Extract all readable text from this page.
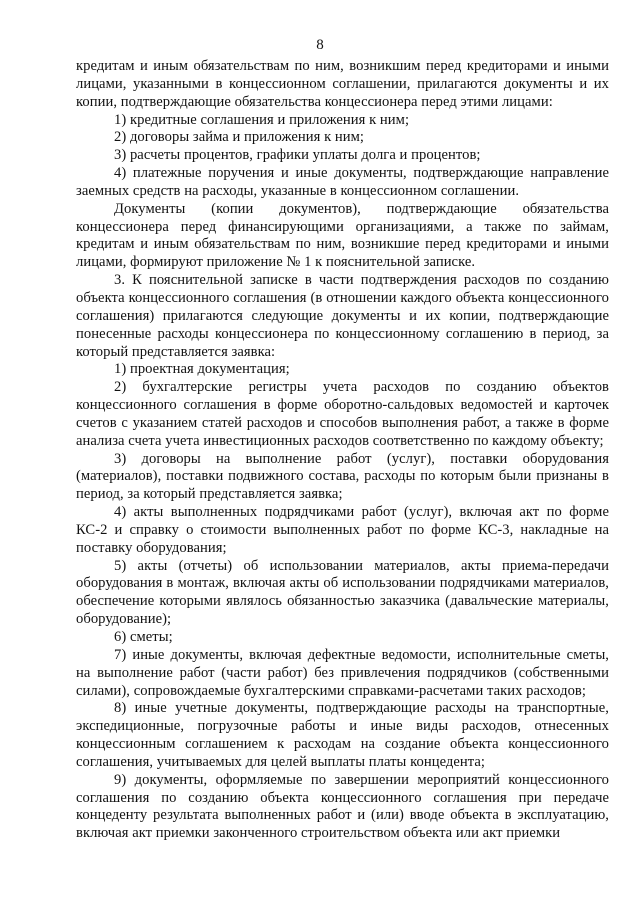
8

кредитам и иным обязательствам по ним, возникшим перед кредиторами и иными лицами, указанными в концессионном соглашении, прилагаются документы и их копии, подтверждающие обязательства концессионера перед этими лицами:

1) кредитные соглашения и приложения к ним;

2) договоры займа и приложения к ним;

3) расчеты процентов, графики уплаты долга и процентов;

4) платежные поручения и иные документы, подтверждающие направление заемных средств на расходы, указанные в концессионном соглашении.

Документы (копии документов), подтверждающие обязательства концессионера перед финансирующими организациями, а также по займам, кредитам и иным обязательствам по ним, возникшие перед кредиторами и иными лицами, формируют приложение № 1 к пояснительной записке.

3. К пояснительной записке в части подтверждения расходов по созданию объекта концессионного соглашения (в отношении каждого объекта концессионного соглашения) прилагаются следующие документы и их копии, подтверждающие понесенные расходы концессионера по концессионному соглашению в период, за который представляется заявка:

1) проектная документация;

2) бухгалтерские регистры учета расходов по созданию объектов концессионного соглашения в форме оборотно-сальдовых ведомостей и карточек счетов с указанием статей расходов и способов выполнения работ, а также в форме анализа счета учета инвестиционных расходов соответственно по каждому объекту;

3) договоры на выполнение работ (услуг), поставки оборудования (материалов), поставки подвижного состава, расходы по которым были признаны в период, за который представляется заявка;

4) акты выполненных подрядчиками работ (услуг), включая акт по форме КС-2 и справку о стоимости выполненных работ по форме КС-3, накладные на поставку оборудования;

5) акты (отчеты) об использовании материалов, акты приема-передачи оборудования в монтаж, включая акты об использовании подрядчиками материалов, обеспечение которыми являлось обязанностью заказчика (давальческие материалы, оборудование);

6) сметы;

7) иные документы, включая дефектные ведомости, исполнительные сметы, на выполнение работ (части работ) без привлечения подрядчиков (собственными силами), сопровождаемые бухгалтерскими справками-расчетами таких расходов;

8) иные учетные документы, подтверждающие расходы на транспортные, экспедиционные, погрузочные работы и иные виды расходов, отнесенных концессионным соглашением к расходам на создание объекта концессионного соглашения, учитываемых для целей выплаты платы концедента;

9) документы, оформляемые по завершении мероприятий концессионного соглашения по созданию объекта концессионного соглашения при передаче концеденту результата выполненных работ и (или) вводе объекта в эксплуатацию, включая акт приемки законченного строительством объекта или акт приемки
